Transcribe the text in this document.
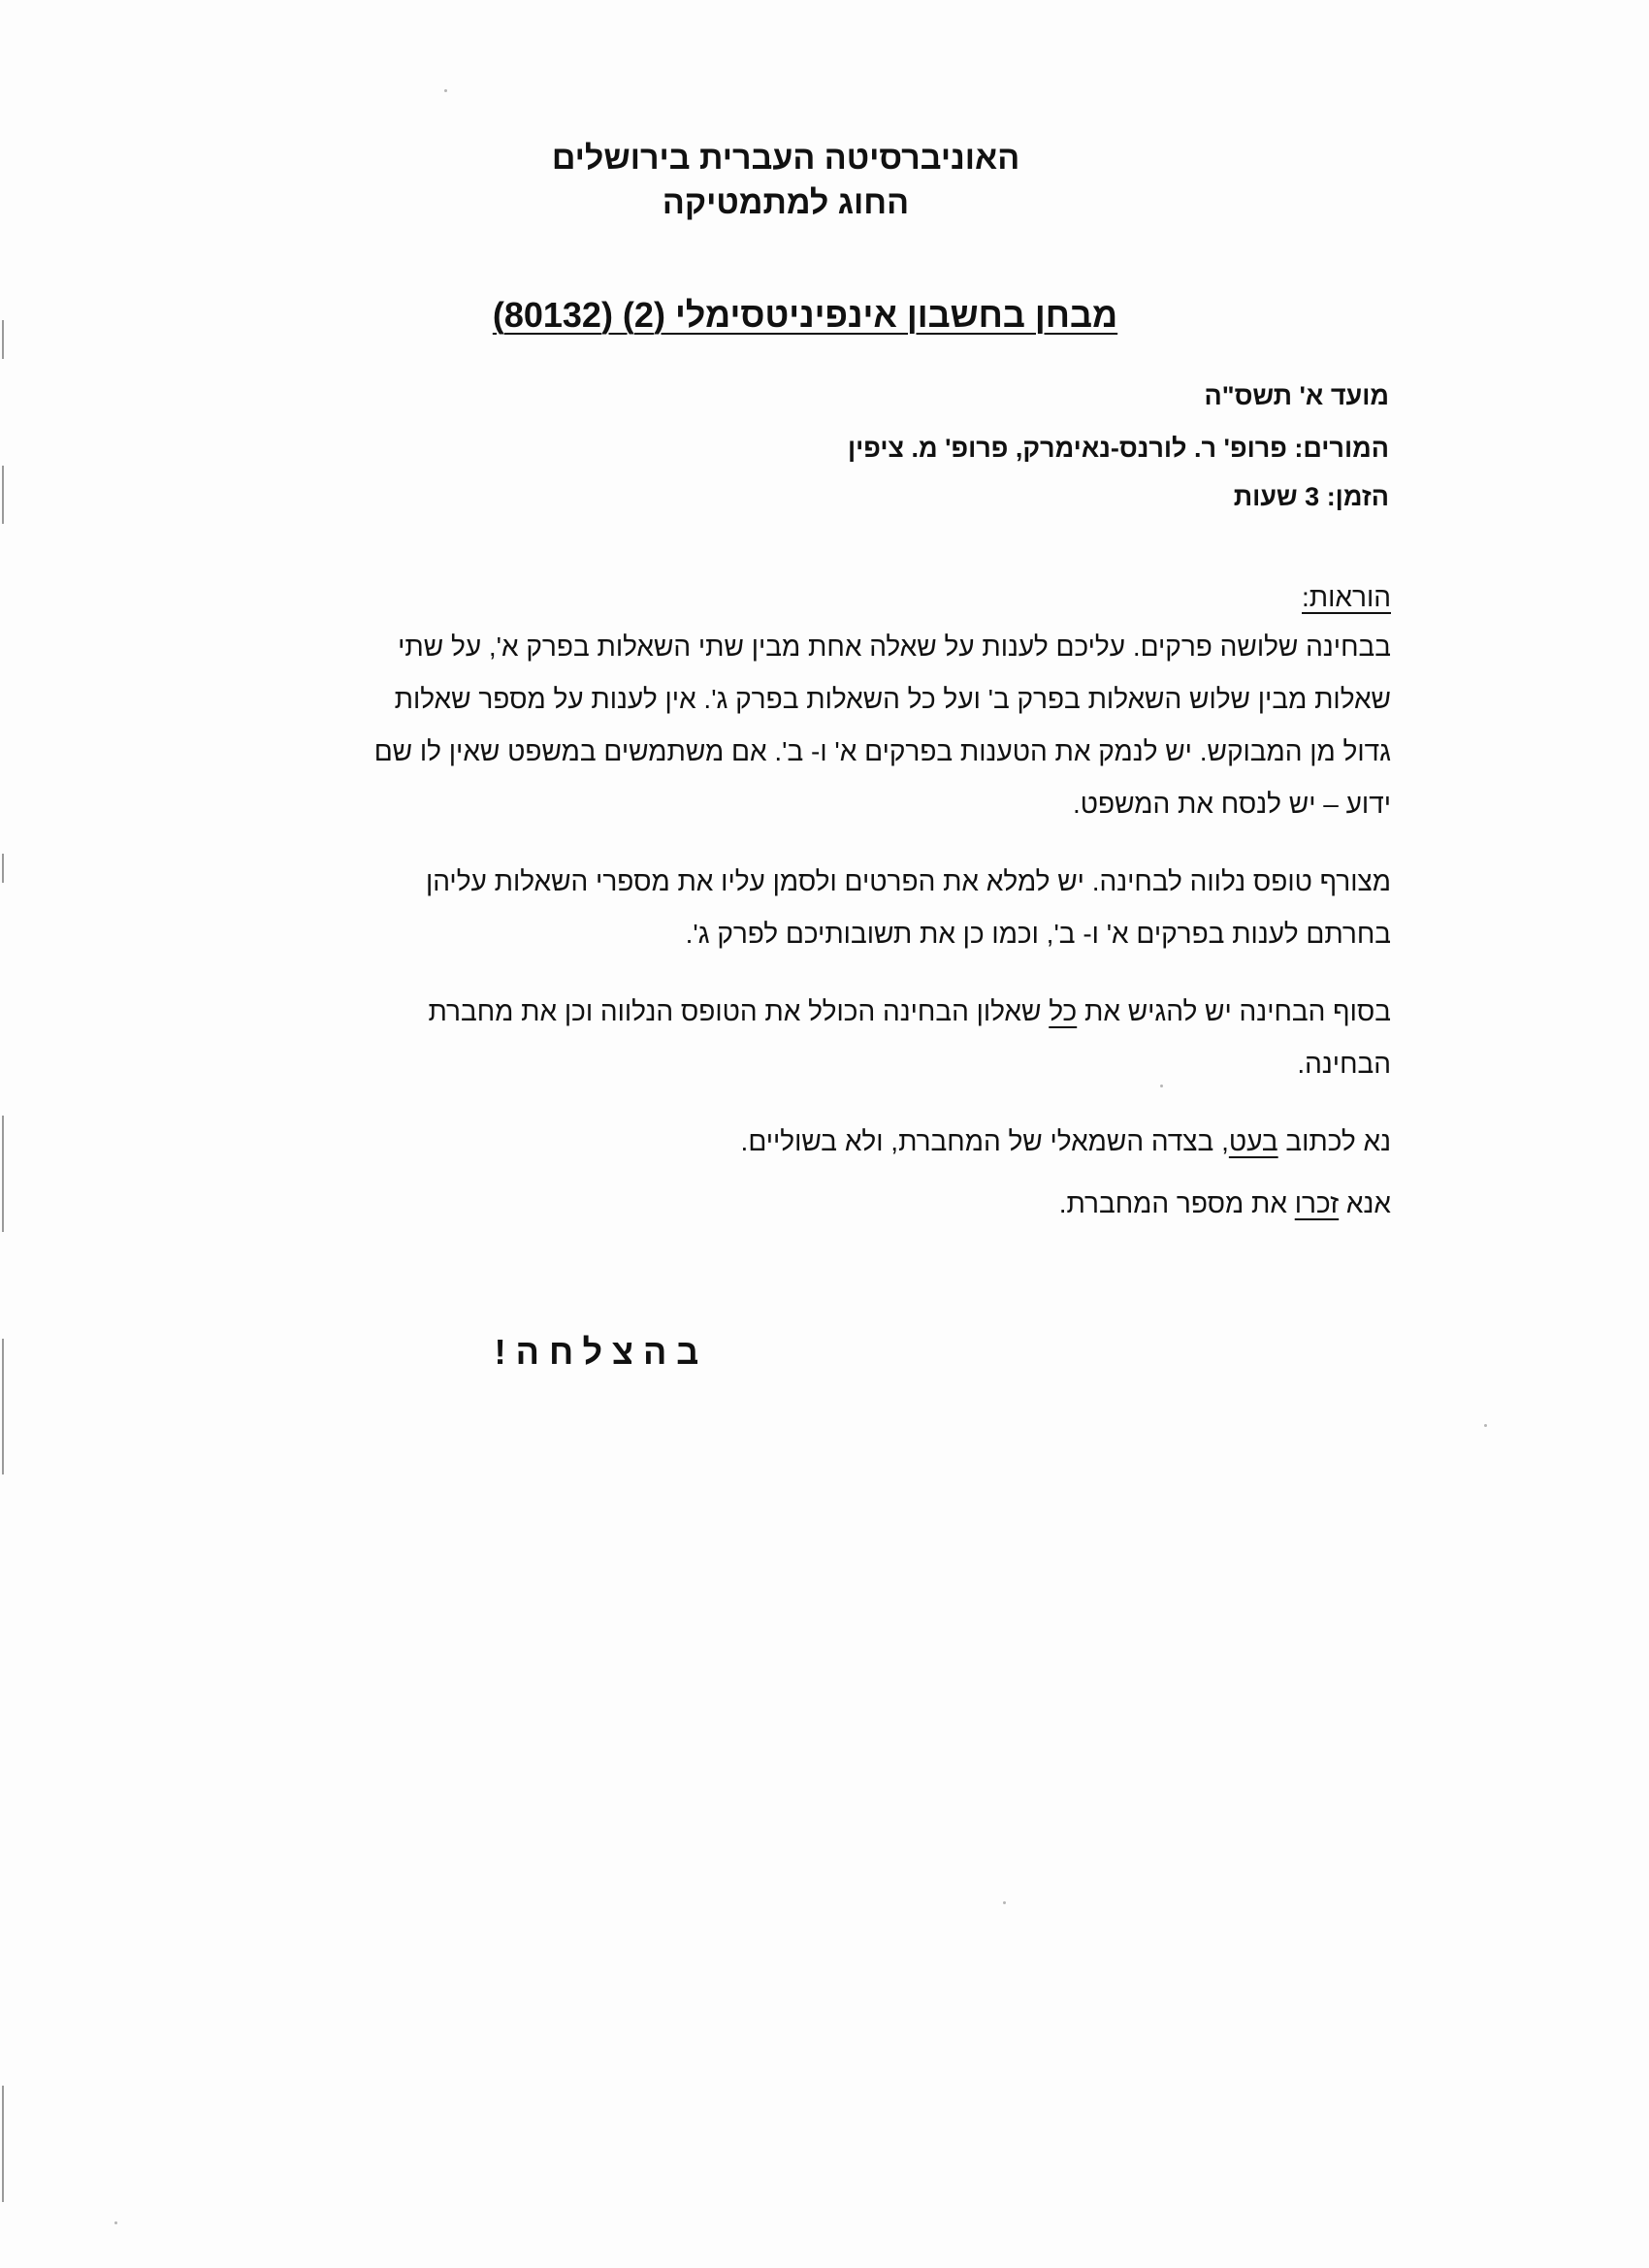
האוניברסיטה העברית בירושלים
החוג למתמטיקה
מבחן בחשבון אינפיניטסימלי (2) (80132)
מועד א' תשס"ה
המורים: פרופ' ר. לורנס-נאימרק, פרופ' מ. ציפין
הזמן: 3 שעות
הוראות:
בבחינה שלושה פרקים. עליכם לענות על שאלה אחת מבין שתי השאלות בפרק א', על שתי
שאלות מבין שלוש השאלות בפרק ב' ועל כל השאלות בפרק ג'. אין לענות על מספר שאלות
גדול מן המבוקש. יש לנמק את הטענות בפרקים א' ו- ב'. אם משתמשים במשפט שאין לו שם
ידוע – יש לנסח את המשפט.
מצורף טופס נלווה לבחינה. יש למלא את הפרטים ולסמן עליו את מספרי השאלות עליהן
בחרתם לענות בפרקים א' ו- ב', וכמו כן את תשובותיכם לפרק ג'.
בסוף הבחינה יש להגיש את כל שאלון הבחינה הכולל את הטופס הנלווה וכן את מחברת
הבחינה.
נא לכתוב בעט, בצדה השמאלי של המחברת, ולא בשוליים.
אנא זכרו את מספר המחברת.
בהצלחה!
